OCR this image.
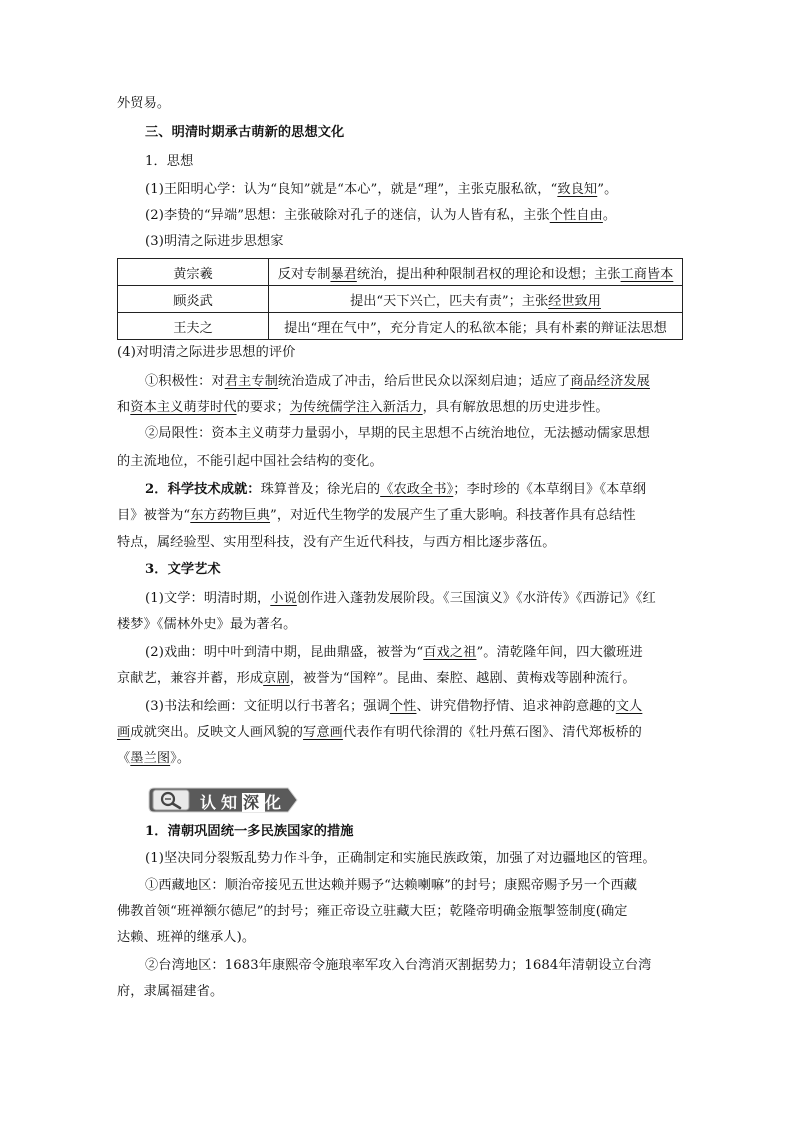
外贸易。
三、明清时期承古萌新的思想文化
1．思想
(1)王阳明心学：认为“良知”就是“本心”，就是“理”，主张克服私欲，“致良知”。
(2)李贽的“异端”思想：主张破除对孔子的迷信，认为人皆有私，主张个性自由。
(3)明清之际进步思想家
黄宗羲	反对专制暴君统治，提出种种限制君权的理论和设想；主张工商皆本
顾炎武	提出“天下兴亡，匹夫有责”；主张经世致用
王夫之	提出“理在气中”，充分肯定人的私欲本能；具有朴素的辩证法思想
(4)对明清之际进步思想的评价
①积极性：对君主专制统治造成了冲击，给后世民众以深刻启迪；适应了商品经济发展
和资本主义萌芽时代的要求；为传统儒学注入新活力，具有解放思想的历史进步性。
②局限性：资本主义萌芽力量弱小，早期的民主思想不占统治地位，无法撼动儒家思想
的主流地位，不能引起中国社会结构的变化。
2．科学技术成就：珠算普及；徐光启的《农政全书》；李时珍的《本草纲目》《本草纲
目》被誉为“东方药物巨典”，对近代生物学的发展产生了重大影响。科技著作具有总结性
特点，属经验型、实用型科技，没有产生近代科技，与西方相比逐步落伍。
3．文学艺术
(1)文学：明清时期，小说创作进入蓬勃发展阶段。《三国演义》《水浒传》《西游记》《红
楼梦》《儒林外史》最为著名。
(2)戏曲：明中叶到清中期，昆曲鼎盛，被誉为“百戏之祖”。清乾隆年间，四大徽班进
京献艺，兼容并蓄，形成京剧，被誉为“国粹”。昆曲、秦腔、越剧、黄梅戏等剧种流行。
(3)书法和绘画：文征明以行书著名；强调个性、讲究借物抒情、追求神韵意趣的文人
画成就突出。反映文人画风貌的写意画代表作有明代徐渭的《牡丹蕉石图》、清代郑板桥的
《墨兰图》。
认知深化
1．清朝巩固统一多民族国家的措施
(1)坚决同分裂叛乱势力作斗争，正确制定和实施民族政策，加强了对边疆地区的管理。
①西藏地区：顺治帝接见五世达赖并赐予“达赖喇嘛”的封号；康熙帝赐予另一个西藏
佛教首领“班禅额尔德尼”的封号；雍正帝设立驻藏大臣；乾隆帝明确金瓶掣签制度(确定
达赖、班禅的继承人)。
②台湾地区：1683年康熙帝令施琅率军攻入台湾消灭割据势力；1684年清朝设立台湾
府，隶属福建省。
